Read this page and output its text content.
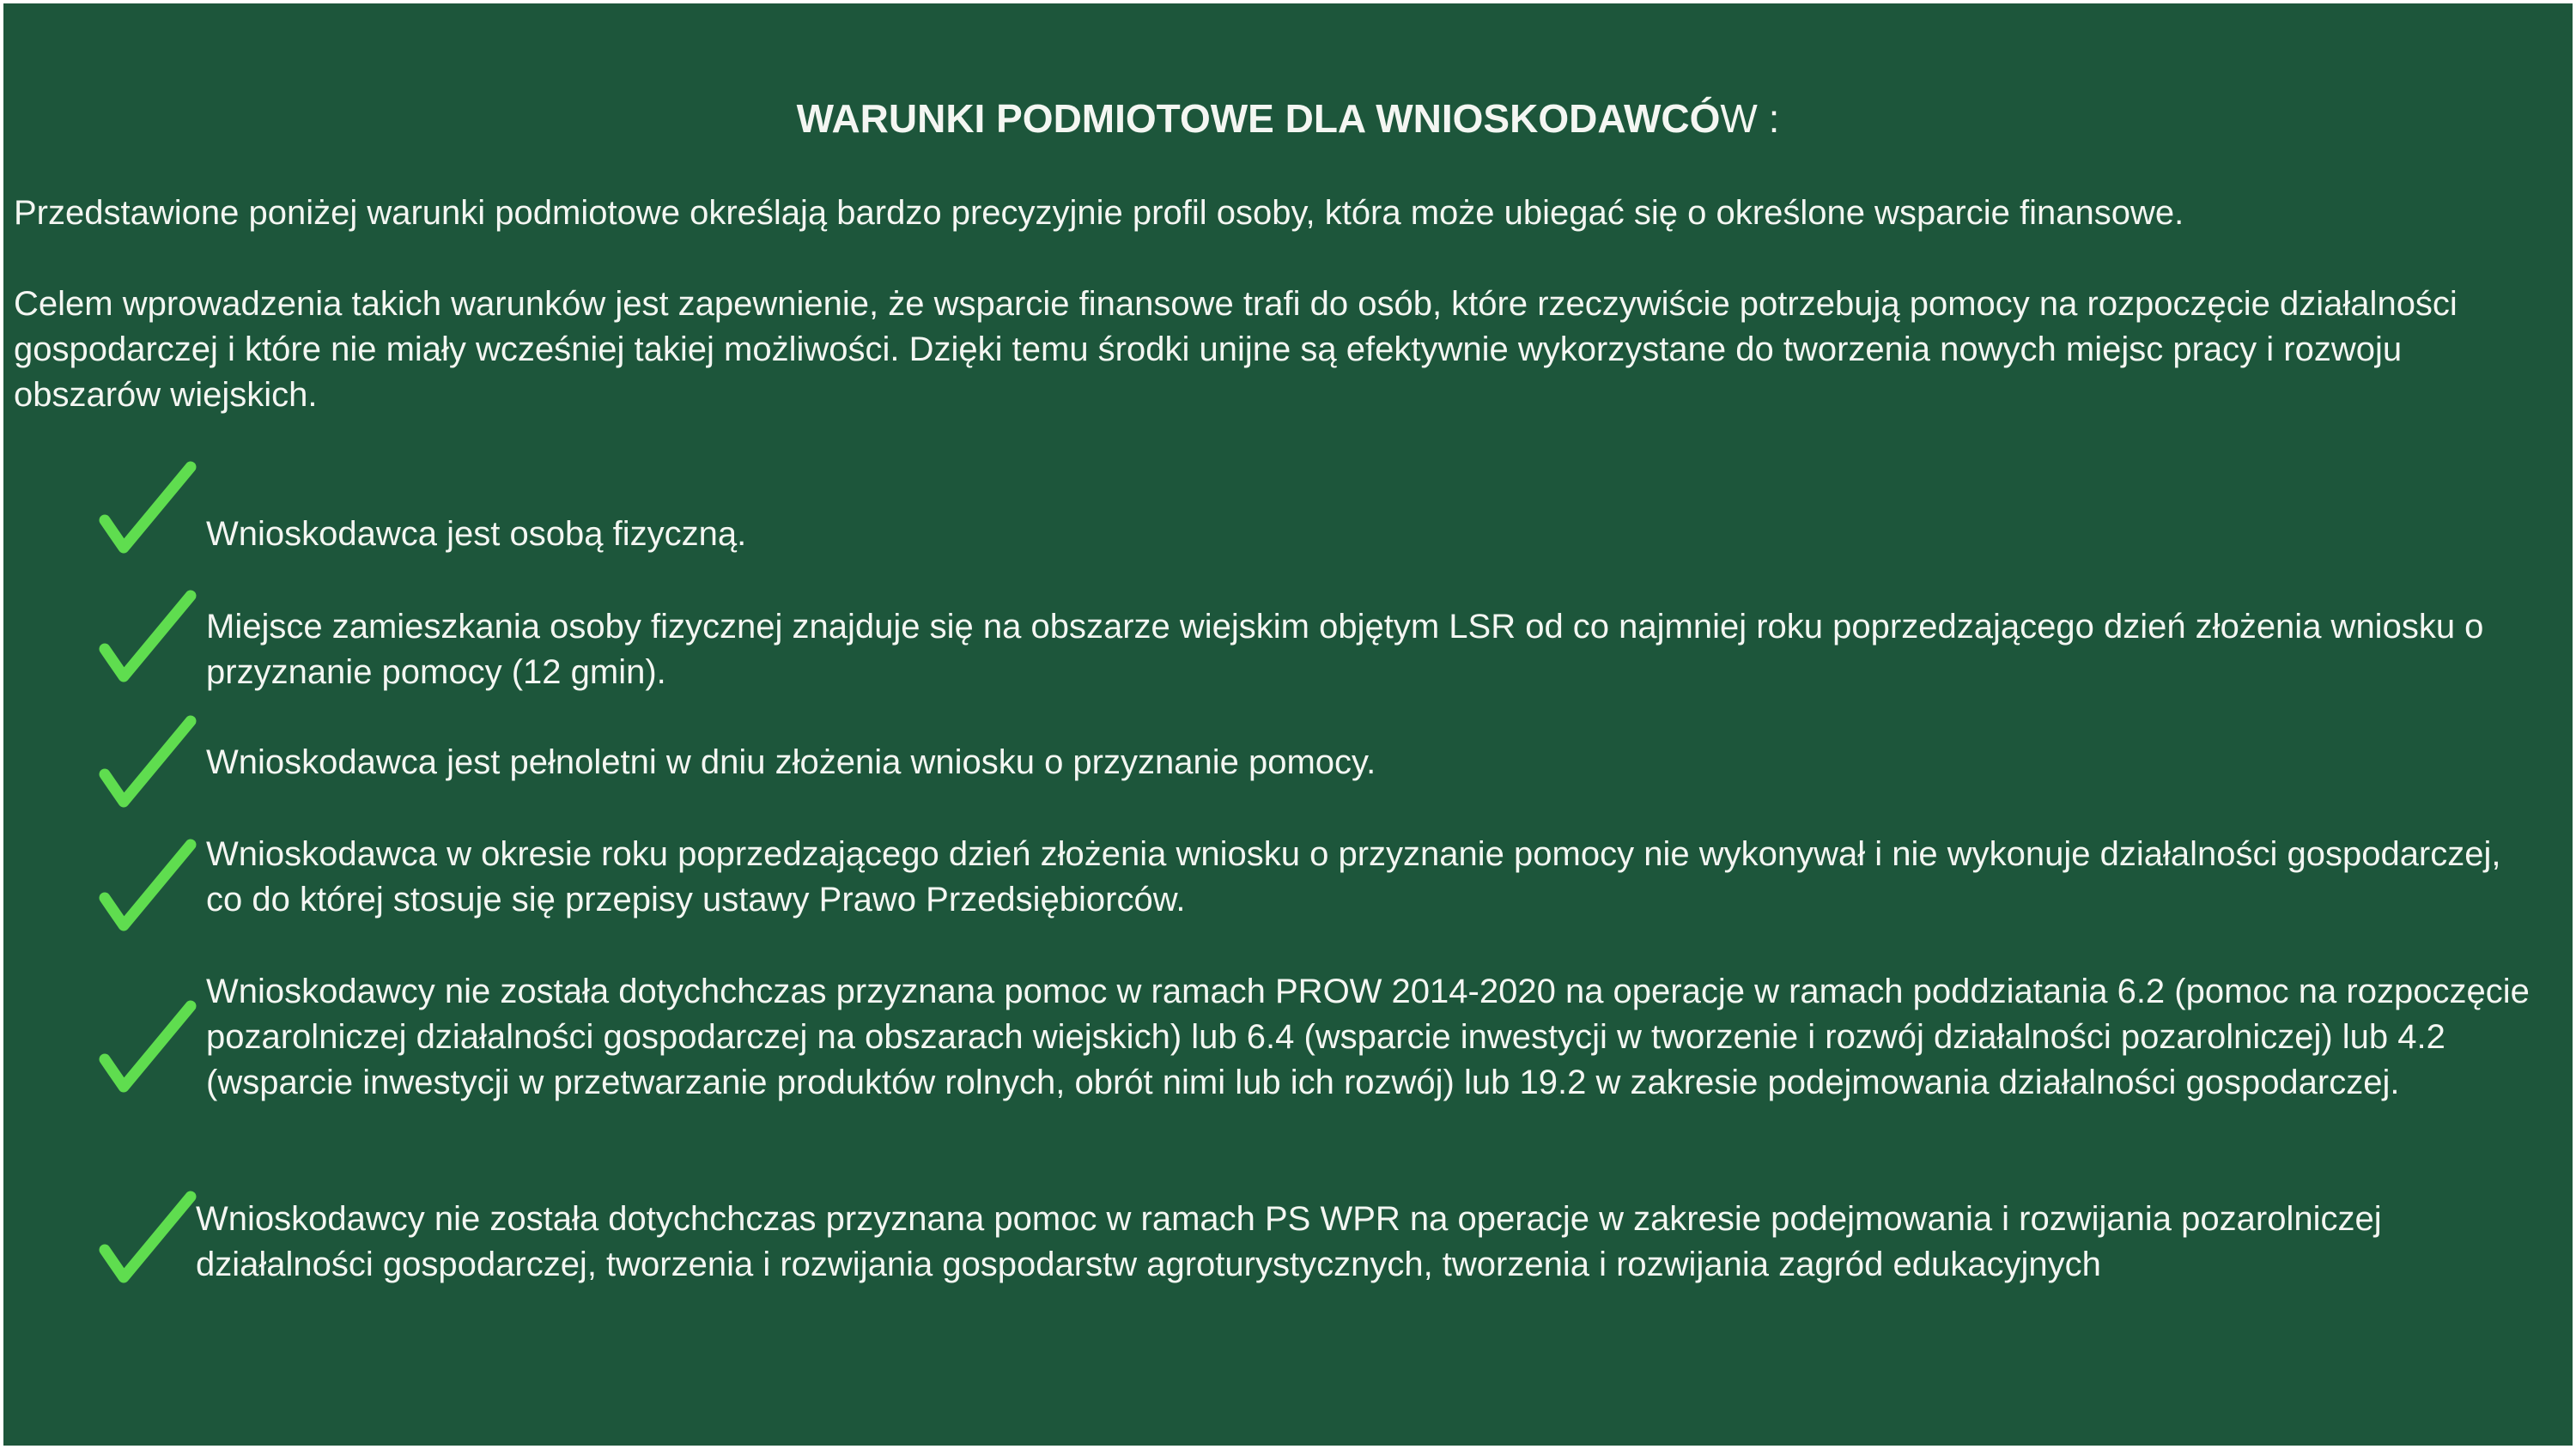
WARUNKI PODMIOTOWE DLA WNIOSKODAWCÓW :

Przedstawione poniżej warunki podmiotowe określają bardzo precyzyjnie profil osoby, która może ubiegać się o określone wsparcie finansowe.

Celem wprowadzenia takich warunków jest zapewnienie, że wsparcie finansowe trafi do osób, które rzeczywiście potrzebują pomocy na rozpoczęcie działalności gospodarczej i które nie miały wcześniej takiej możliwości. Dzięki temu środki unijne są efektywnie wykorzystane do tworzenia nowych miejsc pracy i rozwoju obszarów wiejskich.

Wnioskodawca jest osobą fizyczną.

Miejsce zamieszkania osoby fizycznej znajduje się na obszarze wiejskim objętym LSR od co najmniej roku poprzedzającego dzień złożenia wniosku o przyznanie pomocy (12 gmin).

Wnioskodawca jest pełnoletni w dniu złożenia wniosku o przyznanie pomocy.

Wnioskodawca w okresie roku poprzedzającego dzień złożenia wniosku o przyznanie pomocy nie wykonywał i nie wykonuje działalności gospodarczej, co do której stosuje się przepisy ustawy Prawo Przedsiębiorców.

Wnioskodawcy nie została dotychchczas przyznana pomoc w ramach PROW 2014-2020 na operacje w ramach poddziatania 6.2 (pomoc na rozpoczęcie pozarolniczej działalności gospodarczej na obszarach wiejskich) lub 6.4 (wsparcie inwestycji w tworzenie i rozwój działalności pozarolniczej) lub 4.2 (wsparcie inwestycji w przetwarzanie produktów rolnych, obrót nimi lub ich rozwój) lub 19.2 w zakresie podejmowania działalności gospodarczej.

Wnioskodawcy nie została dotychchczas przyznana pomoc w ramach PS WPR na operacje w zakresie podejmowania i rozwijania pozarolniczej działalności gospodarczej, tworzenia i rozwijania gospodarstw agroturystycznych, tworzenia i rozwijania zagród edukacyjnych
